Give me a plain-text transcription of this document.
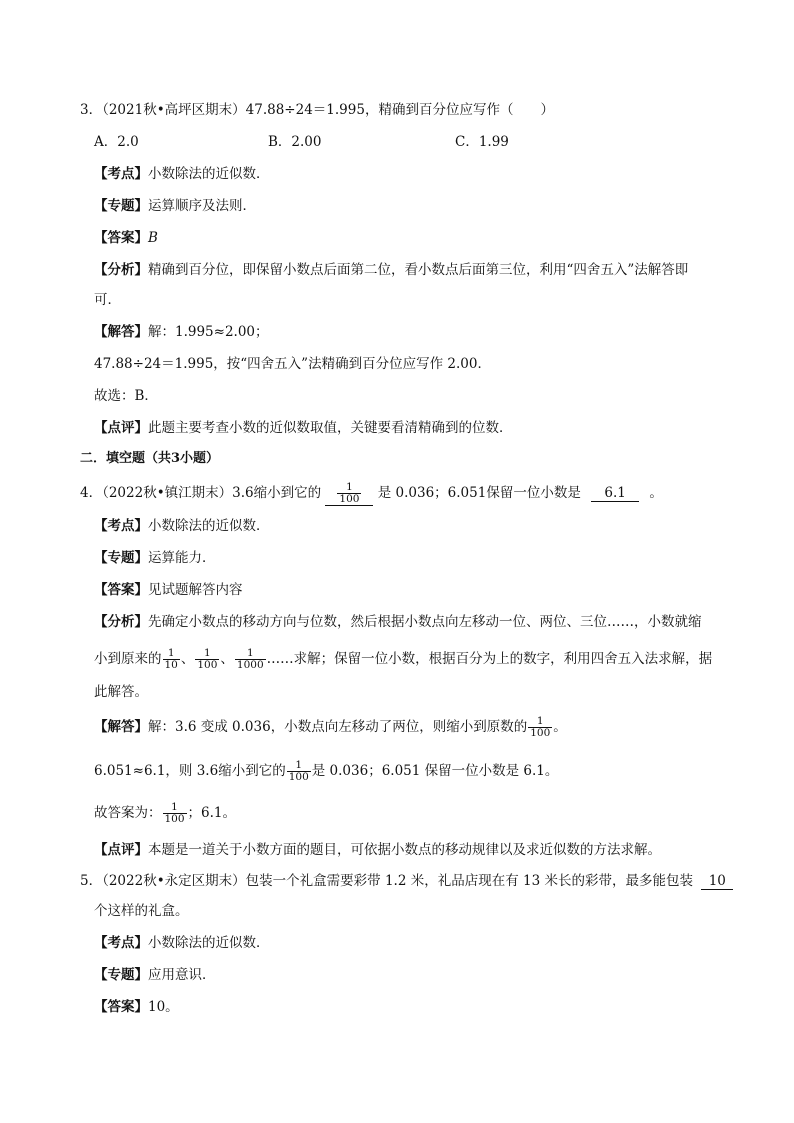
3．（2021秋•高坪区期末）47.88÷24＝1.995，精确到百分位应写作（　　）
A．2.0	B．2.00	C．1.99
【考点】小数除法的近似数．
【专题】运算顺序及法则．
【答案】B
【分析】精确到百分位，即保留小数点后面第二位，看小数点后面第三位，利用“四舍五入”法解答即
可．
【解答】解：1.995≈2.00；
47.88÷24＝1.995，按“四舍五入”法精确到百分位应写作 2.00．
故选：B．
【点评】此题主要考查小数的近似数取值，关键要看清精确到的位数．
二．填空题（共3小题）
4．（2022秋•镇江期末）3.6缩小到它的 $\frac{1}{100}$ 是 0.036；6.051保留一位小数是 6.1 。
【考点】小数除法的近似数．
【专题】运算能力．
【答案】见试题解答内容
【分析】先确定小数点的移动方向与位数，然后根据小数点向左移动一位、两位、三位……，小数就缩
小到原来的 $\frac{1}{10}$ 、 $\frac{1}{100}$ 、 $\frac{1}{1000}$ ……求解；保留一位小数，根据百分为上的数字，利用四舍五入法求解，据
此解答。
【解答】解：3.6 变成 0.036，小数点向左移动了两位，则缩小到原数的 $\frac{1}{100}$ 。
6.051≈6.1，则 3.6缩小到它的 $\frac{1}{100}$ 是 0.036；6.051 保留一位小数是 6.1。
故答案为： $\frac{1}{100}$ ；6.1。
【点评】本题是一道关于小数方面的题目，可依据小数点的移动规律以及求近似数的方法求解。
5．（2022秋•永定区期末）包装一个礼盒需要彩带 1.2 米，礼品店现在有 13 米长的彩带，最多能包装 10
个这样的礼盒。
【考点】小数除法的近似数．
【专题】应用意识．
【答案】10。
